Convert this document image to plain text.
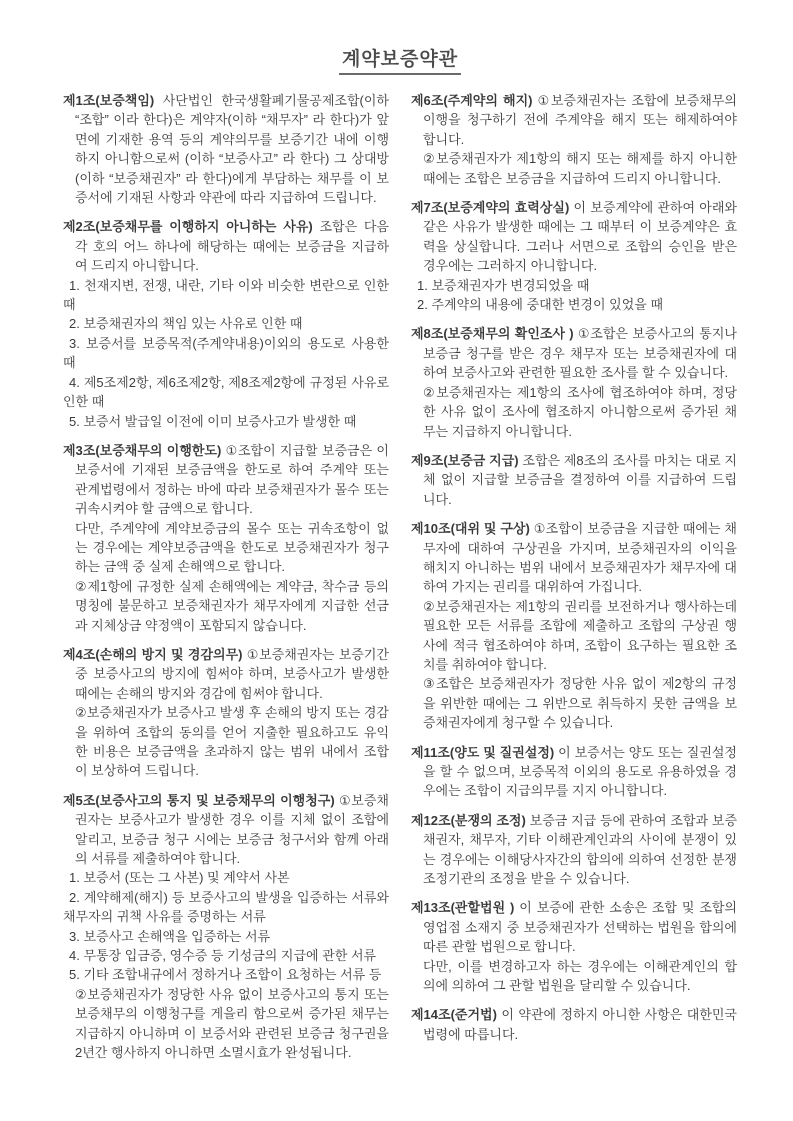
계약보증약관

제1조(보증책임) 사단법인 한국생활폐기물공제조합(이하 “조합” 이라 한다)은 계약자(이하 “채무자” 라 한다)가 앞면에 기재한 용역 등의 계약의무를 보증기간 내에 이행하지 아니함으로써 (이하 “보증사고” 라 한다) 그 상대방 (이하 “보증채권자” 라 한다)에게 부담하는 채무를 이 보증서에 기재된 사항과 약관에 따라 지급하여 드립니다.

제2조(보증채무를 이행하지 아니하는 사유) 조합은 다음 각 호의 어느 하나에 해당하는 때에는 보증금을 지급하여 드리지 아니합니다.

1. 천재지변, 전쟁, 내란, 기타 이와 비슷한 변란으로 인한 때

2. 보증채권자의 책임 있는 사유로 인한 때

3. 보증서를 보증목적(주계약내용)이외의 용도로 사용한 때

4. 제5조제2항, 제6조제2항, 제8조제2항에 규정된 사유로 인한 때

5. 보증서 발급일 이전에 이미 보증사고가 발생한 때

제3조(보증채무의 이행한도) ①조합이 지급할 보증금은 이 보증서에 기재된 보증금액을 한도로 하여 주계약 또는 관계법령에서 정하는 바에 따라 보증채권자가 몰수 또는 귀속시켜야 할 금액으로 합니다.

다만, 주계약에 계약보증금의 몰수 또는 귀속조항이 없는 경우에는 계약보증금액을 한도로 보증채권자가 청구하는 금액 중 실제 손해액으로 합니다.

②제1항에 규정한 실제 손해액에는 계약금, 착수금 등의 명칭에 불문하고 보증채권자가 채무자에게 지급한 선금과 지체상금 약정액이 포함되지 않습니다.

제4조(손해의 방지 및 경감의무) ①보증채권자는 보증기간 중 보증사고의 방지에 힘써야 하며, 보증사고가 발생한 때에는 손해의 방지와 경감에 힘써야 합니다.

②보증채권자가 보증사고 발생 후 손해의 방지 또는 경감을 위하여 조합의 동의를 얻어 지출한 필요하고도 유익한 비용은 보증금액을 초과하지 않는 범위 내에서 조합이 보상하여 드립니다.

제5조(보증사고의 통지 및 보증채무의 이행청구) ①보증채권자는 보증사고가 발생한 경우 이를 지체 없이 조합에 알리고, 보증금 청구 시에는 보증금 청구서와 함께 아래의 서류를 제출하여야 합니다.

1. 보증서 (또는 그 사본) 및 계약서 사본

2. 계약해제(해지) 등 보증사고의 발생을 입증하는 서류와 채무자의 귀책 사유를 증명하는 서류

3. 보증사고 손해액을 입증하는 서류

4. 무통장 입금증, 영수증 등 기성금의 지급에 관한 서류

5. 기타 조합내규에서 정하거나 조합이 요청하는 서류 등

②보증채권자가 정당한 사유 없이 보증사고의 통지 또는 보증채무의 이행청구를 게을리 함으로써 증가된 채무는 지급하지 아니하며 이 보증서와 관련된 보증금 청구권을 2년간 행사하지 아니하면 소멸시효가 완성됩니다.

제6조(주계약의 해지) ①보증채권자는 조합에 보증채무의 이행을 청구하기 전에 주계약을 해지 또는 해제하여야 합니다.

②보증채권자가 제1항의 해지 또는 해제를 하지 아니한 때에는 조합은 보증금을 지급하여 드리지 아니합니다.

제7조(보증계약의 효력상실) 이 보증계약에 관하여 아래와 같은 사유가 발생한 때에는 그 때부터 이 보증계약은 효력을 상실합니다. 그러나 서면으로 조합의 승인을 받은 경우에는 그러하지 아니합니다.

1. 보증채권자가 변경되었을 때

2. 주계약의 내용에 중대한 변경이 있었을 때

제8조(보증채무의 확인조사 ) ①조합은 보증사고의 통지나 보증금 청구를 받은 경우 채무자 또는 보증채권자에 대하여 보증사고와 관련한 필요한 조사를 할 수 있습니다.

②보증채권자는 제1항의 조사에 협조하여야 하며, 정당한 사유 없이 조사에 협조하지 아니함으로써 증가된 채무는 지급하지 아니합니다.

제9조(보증금 지급) 조합은 제8조의 조사를 마치는 대로 지체 없이 지급할 보증금을 결정하여 이를 지급하여 드립니다.

제10조(대위 및 구상) ①조합이 보증금을 지급한 때에는 채무자에 대하여 구상권을 가지며, 보증채권자의 이익을 해치지 아니하는 범위 내에서 보증채권자가 채무자에 대하여 가지는 권리를 대위하여 가집니다.

②보증채권자는 제1항의 권리를 보전하거나 행사하는데 필요한 모든 서류를 조합에 제출하고 조합의 구상권 행사에 적극 협조하여야 하며, 조합이 요구하는 필요한 조치를 취하여야 합니다.

③조합은 보증채권자가 정당한 사유 없이 제2항의 규정을 위반한 때에는 그 위반으로 취득하지 못한 금액을 보증채권자에게 청구할 수 있습니다.

제11조(양도 및 질권설정) 이 보증서는 양도 또는 질권설정을 할 수 없으며, 보증목적 이외의 용도로 유용하였을 경우에는 조합이 지급의무를 지지 아니합니다.

제12조(분쟁의 조정) 보증금 지급 등에 관하여 조합과 보증채권자, 채무자, 기타 이해관계인과의 사이에 분쟁이 있는 경우에는 이해당사자간의 합의에 의하여 선정한 분쟁조정기관의 조정을 받을 수 있습니다.

제13조(관할법원 ) 이 보증에 관한 소송은 조합 및 조합의 영업점 소재지 중 보증채권자가 선택하는 법원을 합의에 따른 관할 법원으로 합니다.

다만, 이를 변경하고자 하는 경우에는 이해관계인의 합의에 의하여 그 관할 법원을 달리할 수 있습니다.

제14조(준거법) 이 약관에 정하지 아니한 사항은 대한민국 법령에 따릅니다.
